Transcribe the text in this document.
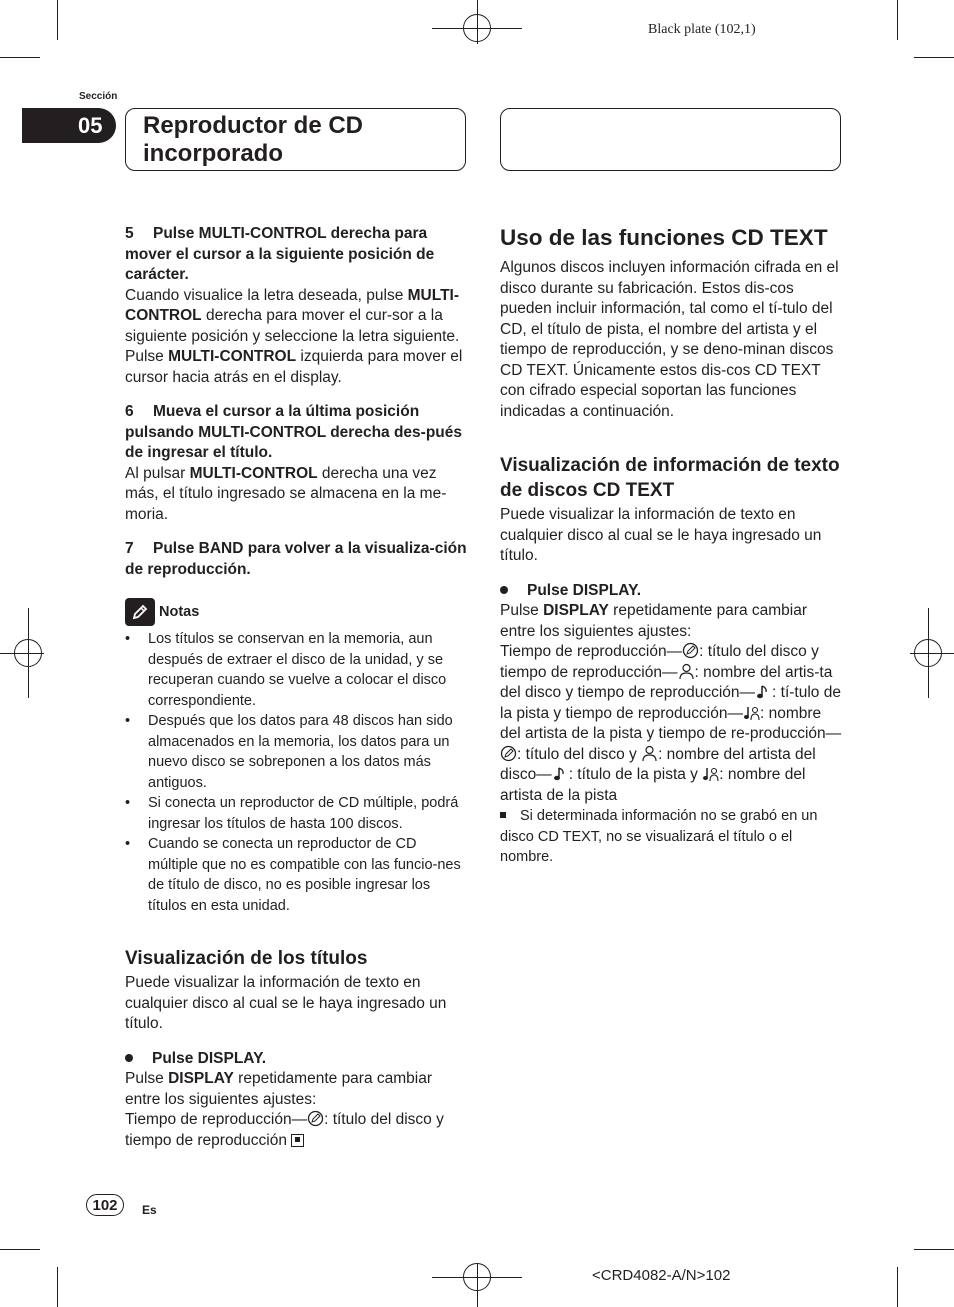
Black plate (102,1)
Sección
05 Reproductor de CD incorporado

5 Pulse MULTI-CONTROL derecha para mover el cursor a la siguiente posición de carácter.

Cuando visualice la letra deseada, pulse MULTI-CONTROL derecha para mover el cur-sor a la siguiente posición y seleccione la letra siguiente. Pulse MULTI-CONTROL izquierda para mover el cursor hacia atrás en el display.

6 Mueva el cursor a la última posición pulsando MULTI-CONTROL derecha des-pués de ingresar el título.

Al pulsar MULTI-CONTROL derecha una vez más, el título ingresado se almacena en la me-moria.

7 Pulse BAND para volver a la visualiza-ción de reproducción.

Notas
• Los títulos se conservan en la memoria, aun después de extraer el disco de la unidad, y se recuperan cuando se vuelve a colocar el disco correspondiente.
• Después que los datos para 48 discos han sido almacenados en la memoria, los datos para un nuevo disco se sobreponen a los datos más antiguos.
• Si conecta un reproductor de CD múltiple, podrá ingresar los títulos de hasta 100 discos.
• Cuando se conecta un reproductor de CD múltiple que no es compatible con las funcio-nes de título de disco, no es posible ingresar los títulos en esta unidad.
Visualización de los títulos

Puede visualizar la información de texto en cualquier disco al cual se le haya ingresado un título.

Pulse DISPLAY.

Pulse DISPLAY repetidamente para cambiar entre los siguientes ajustes:

Tiempo de reproducción— : título del disco y tiempo de reproducción

Uso de las funciones CD TEXT

Algunos discos incluyen información cifrada en el disco durante su fabricación. Estos dis-cos pueden incluir información, tal como el tí-tulo del CD, el título de pista, el nombre del artista y el tiempo de reproducción, y se deno-minan discos CD TEXT. Únicamente estos dis-cos CD TEXT con cifrado especial soportan las funciones indicadas a continuación.

Visualización de información de texto de discos CD TEXT

Puede visualizar la información de texto en cualquier disco al cual se le haya ingresado un título.

Pulse DISPLAY.

Pulse DISPLAY repetidamente para cambiar entre los siguientes ajustes:

Tiempo de reproducción— : título del disco y tiempo de reproducción— : nombre del artis-ta del disco y tiempo de reproducción— : tí-tulo de la pista y tiempo de reproducción— : nombre del artista de la pista y tiempo de re-producción—: título del disco y : nombre del artista del disco— : título de la pista y : nombre del artista de la pista

Si determinada información no se grabó en un disco CD TEXT, no se visualizará el título o el nombre.

102	Es
<CRD4082-A/N>102
